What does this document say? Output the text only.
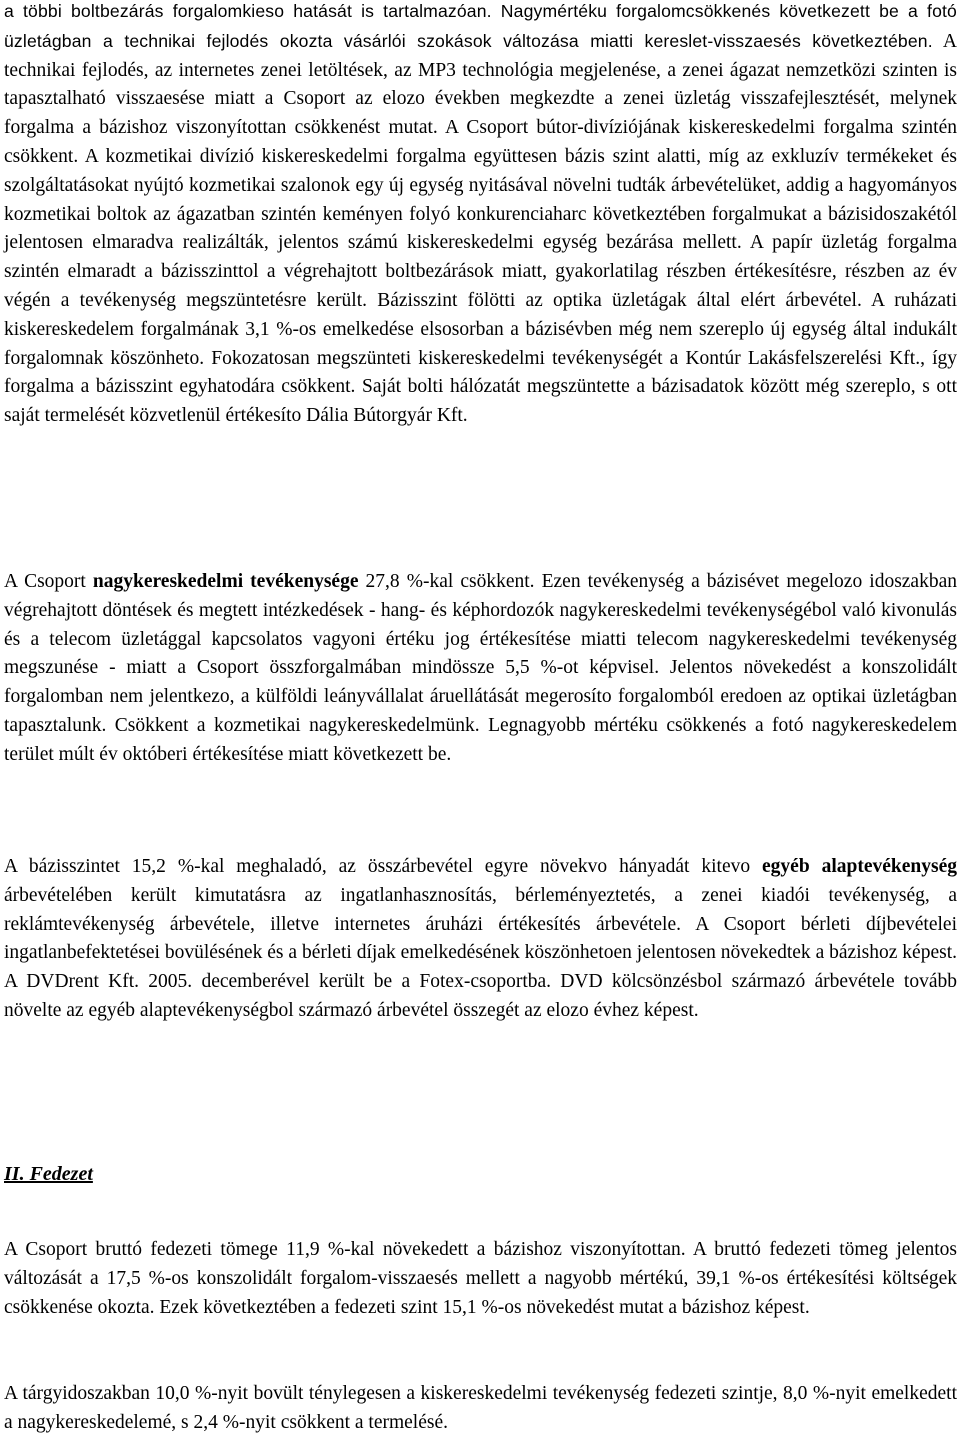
a többi boltbezárás forgalomkieso hatását is tartalmazóan. Nagymértéku forgalomcsökkenés következett be a fotó üzletágban a technikai fejlodés okozta vásárlói szokások változása miatti kereslet-visszaesés következtében. A technikai fejlodés, az internetes zenei letöltések, az MP3 technológia megjelenése, a zenei ágazat nemzetközi szinten is tapasztalható visszaesése miatt a Csoport az elozo években megkezdte a zenei üzletág visszafejlesztését, melynek forgalma a bázishoz viszonyítottan csökkenést mutat. A Csoport bútor-divíziójának kiskereskedelmi forgalma szintén csökkent. A kozmetikai divízió kiskereskedelmi forgalma együttesen bázis szint alatti, míg az exkluzív termékeket és szolgáltatásokat nyújtó kozmetikai szalonok egy új egység nyitásával növelni tudták árbevételüket, addig a hagyományos kozmetikai boltok az ágazatban szintén keményen folyó konkurenciaharc következtében forgalmukat a bázisidoszakétól jelentosen elmaradva realizálták, jelentos számú kiskereskedelmi egység bezárása mellett. A papír üzletág forgalma szintén elmaradt a bázisszinttol a végrehajtott boltbezárások miatt, gyakorlatilag részben értékesítésre, részben az év végén a tevékenység megszüntetésre került. Bázisszint fölötti az optika üzletágak által elért árbevétel. A ruházati kiskereskedelem forgalmának 3,1 %-os emelkedése elsosorban a bázisévben még nem szereplo új egység által indukált forgalomnak köszönheto. Fokozatosan megszünteti kiskereskedelmi tevékenységét a Kontúr Lakásfelszerelési Kft., így forgalma a bázisszint egyhatodára csökkent. Saját bolti hálózatát megszüntette a bázisadatok között még szereplo, s ott saját termelését közvetlenül értékesíto Dália Bútorgyár Kft.

A Csoport nagykereskedelmi tevékenysége 27,8 %-kal csökkent. Ezen tevékenység a bázisévet megelozo idoszakban végrehajtott döntések és megtett intézkedések - hang- és képhordozók nagykereskedelmi tevékenységébol való kivonulás és a telecom üzletággal kapcsolatos vagyoni értéku jog értékesítése miatti telecom nagykereskedelmi tevékenység megszunése - miatt a Csoport összforgalmában mindössze 5,5 %-ot képvisel. Jelentos növekedést a konszolidált forgalomban nem jelentkezo, a külföldi leányvállalat áruellátását megerosíto forgalomból eredoen az optikai üzletágban tapasztalunk. Csökkent a kozmetikai nagykereskedelmünk. Legnagyobb mértéku csökkenés a fotó nagykereskedelem terület múlt év októberi értékesítése miatt következett be.

A bázisszintet 15,2 %-kal meghaladó, az összárbevétel egyre növekvo hányadát kitevo egyéb alaptevékenység árbevételében került kimutatásra az ingatlanhasznosítás, bérleményeztetés, a zenei kiadói tevékenység, a reklámtevékenység árbevétele, illetve internetes áruházi értékesítés árbevétele. A Csoport bérleti díjbevételei ingatlanbefektetései bovülésének és a bérleti díjak emelkedésének köszönhetoen jelentosen növekedtek a bázishoz képest. A DVDrent Kft. 2005. decemberével került be a Fotex-csoportba. DVD kölcsönzésbol származó árbevétele tovább növelte az egyéb alaptevékenységbol származó árbevétel összegét az elozo évhez képest.

II. Fedezet

A Csoport bruttó fedezeti tömege 11,9 %-kal növekedett a bázishoz viszonyítottan. A bruttó fedezeti tömeg jelentos változását a 17,5 %-os konszolidált forgalom-visszaesés mellett a nagyobb mértékú, 39,1 %-os értékesítési költségek csökkenése okozta. Ezek következtében a fedezeti szint 15,1 %-os növekedést mutat a bázishoz képest.

A tárgyidoszakban 10,0 %-nyit bovült ténylegesen a kiskereskedelmi tevékenység fedezeti szintje, 8,0 %-nyit emelkedett a nagykereskedelemé, s 2,4 %-nyit csökkent a termelésé.
